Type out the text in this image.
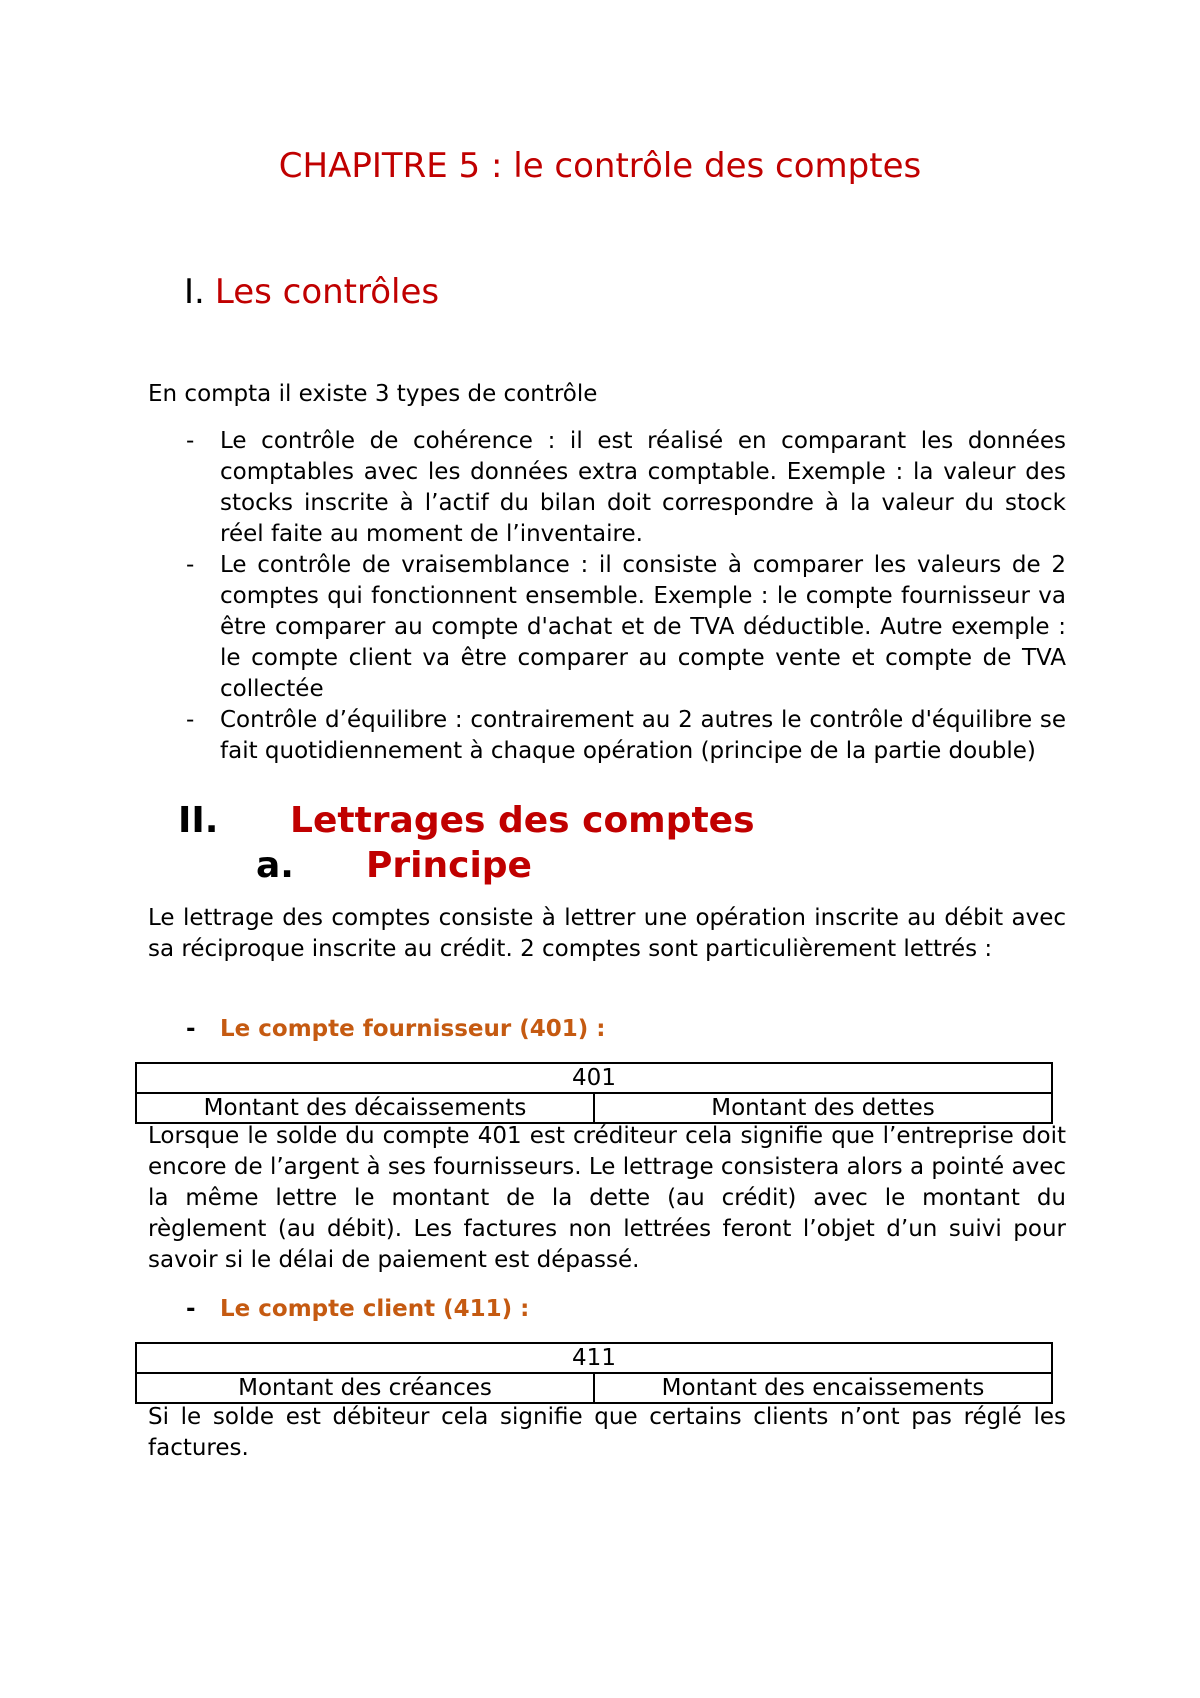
CHAPITRE 5 : le contrôle des comptes
I. Les contrôles

En compta il existe 3 types de contrôle

- Le contrôle de cohérence : il est réalisé en comparant les données comptables avec les données extra comptable. Exemple : la valeur des stocks inscrite à l’actif du bilan doit correspondre à la valeur du stock réel faite au moment de l’inventaire.
- Le contrôle de vraisemblance : il consiste à comparer les valeurs de 2 comptes qui fonctionnent ensemble. Exemple : le compte fournisseur va être comparer au compte d'achat et de TVA déductible. Autre exemple : le compte client va être comparer au compte vente et compte de TVA collectée
- Contrôle d’équilibre : contrairement au 2 autres le contrôle d'équilibre se fait quotidiennement à chaque opération (principe de la partie double)
II. Lettrages des comptes
a. Principe

Le lettrage des comptes consiste à lettrer une opération inscrite au débit avec sa réciproque inscrite au crédit. 2 comptes sont particulièrement lettrés :

- Le compte fournisseur (401) :

401
Montant des décaissements	Montant des dettes

Lorsque le solde du compte 401 est créditeur cela signifie que l’entreprise doit encore de l’argent à ses fournisseurs. Le lettrage consistera alors a pointé avec la même lettre le montant de la dette (au crédit) avec le montant du règlement (au débit). Les factures non lettrées feront l’objet d’un suivi pour savoir si le délai de paiement est dépassé.

- Le compte client (411) :

411
Montant des créances	Montant des encaissements

Si le solde est débiteur cela signifie que certains clients n’ont pas réglé les factures.
